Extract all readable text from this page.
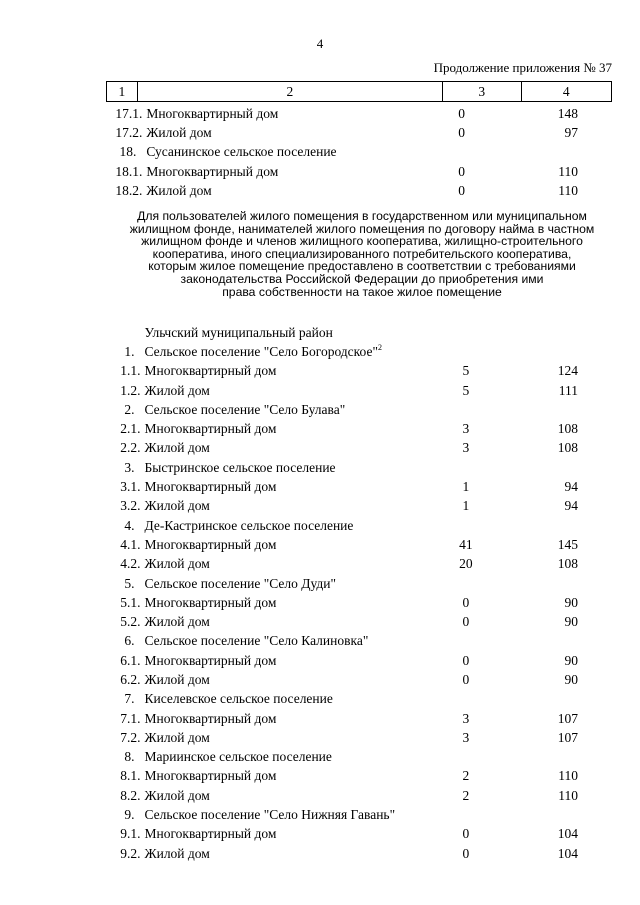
4
Продолжение приложения № 37
1	2	3	4
17.1.	Многоквартирный дом	0	148
17.2.	Жилой дом	0	97
18.	Сусанинское сельское поселение		
18.1.	Многоквартирный дом	0	110
18.2.	Жилой дом	0	110
Для пользователей жилого помещения в государственном или муниципальном
жилищном фонде, нанимателей жилого помещения по договору найма в частном
жилищном фонде и членов жилищного кооператива, жилищно-строительного
кооператива, иного специализированного потребительского кооператива,
которым жилое помещение предоставлено в соответствии с требованиями
законодательства Российской Федерации до приобретения ими
права собственности на такое жилое помещение
	Ульчский муниципальный район		
1.	Сельское поселение "Село Богородское"$^2$		
1.1.	Многоквартирный дом	5	124
1.2.	Жилой дом	5	111
2.	Сельское поселение "Село Булава"		
2.1.	Многоквартирный дом	3	108
2.2.	Жилой дом	3	108
3.	Быстринское сельское поселение		
3.1.	Многоквартирный дом	1	94
3.2.	Жилой дом	1	94
4.	Де-Кастринское сельское поселение		
4.1.	Многоквартирный дом	41	145
4.2.	Жилой дом	20	108
5.	Сельское поселение "Село Дуди"		
5.1.	Многоквартирный дом	0	90
5.2.	Жилой дом	0	90
6.	Сельское поселение "Село Калиновка"		
6.1.	Многоквартирный дом	0	90
6.2.	Жилой дом	0	90
7.	Киселевское сельское поселение		
7.1.	Многоквартирный дом	3	107
7.2.	Жилой дом	3	107
8.	Мариинское сельское поселение		
8.1.	Многоквартирный дом	2	110
8.2.	Жилой дом	2	110
9.	Сельское поселение "Село Нижняя Гавань"		
9.1.	Многоквартирный дом	0	104
9.2.	Жилой дом	0	104
